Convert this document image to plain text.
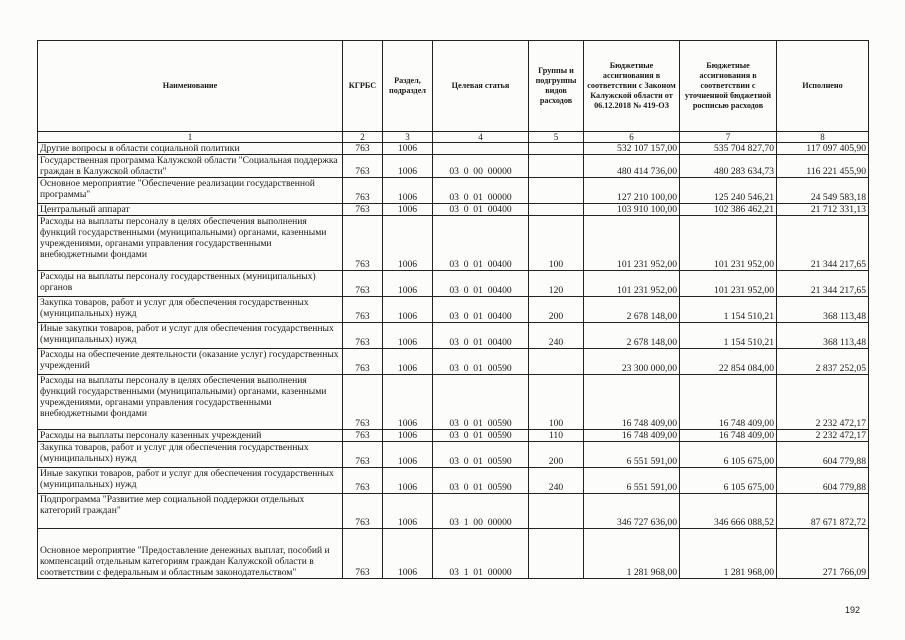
Наименование	КГРБС	Раздел, подраздел	Целевая статья	Группы и подгруппы видов расходов	Бюджетные ассигнования в соответствии с Законом Калужской области от 06.12.2018 № 419-ОЗ	Бюджетные ассигнования в соответствии с уточненной бюджетной росписью расходов	Исполнено
1	2	3	4	5	6	7	8
Другие вопросы в области социальной политики	763	1006			532 107 157,00	535 704 827,70	117 097 405,90
Государственная программа Калужской области "Социальная поддержка граждан в Калужской области"	763	1006	03  0  00  00000		480 414 736,00	480 283 634,73	116 221 455,90
Основное мероприятие "Обеспечение реализации государственной программы"	763	1006	03  0  01  00000		127 210 100,00	125 240 546,21	24 549 583,18
Центральный аппарат	763	1006	03  0  01  00400		103 910 100,00	102 386 462,21	21 712 331,13
Расходы на выплаты персоналу в целях обеспечения выполнения функций государственными (муниципальными) органами, казенными учреждениями, органами управления государственными внебюджетными фондами	763	1006	03  0  01  00400	100	101 231 952,00	101 231 952,00	21 344 217,65
Расходы на выплаты персоналу государственных (муниципальных) органов	763	1006	03  0  01  00400	120	101 231 952,00	101 231 952,00	21 344 217,65
Закупка товаров, работ и услуг для обеспечения государственных (муниципальных) нужд	763	1006	03  0  01  00400	200	2 678 148,00	1 154 510,21	368 113,48
Иные закупки товаров, работ и услуг для обеспечения государственных (муниципальных) нужд	763	1006	03  0  01  00400	240	2 678 148,00	1 154 510,21	368 113,48
Расходы на обеспечение деятельности (оказание услуг) государственных учреждений	763	1006	03  0  01  00590		23 300 000,00	22 854 084,00	2 837 252,05
Расходы на выплаты персоналу в целях обеспечения выполнения функций государственными (муниципальными) органами, казенными учреждениями, органами управления государственными внебюджетными фондами	763	1006	03  0  01  00590	100	16 748 409,00	16 748 409,00	2 232 472,17
Расходы на выплаты персоналу казенных учреждений	763	1006	03  0  01  00590	110	16 748 409,00	16 748 409,00	2 232 472,17
Закупка товаров, работ и услуг для обеспечения государственных (муниципальных) нужд	763	1006	03  0  01  00590	200	6 551 591,00	6 105 675,00	604 779,88
Иные закупки товаров, работ и услуг для обеспечения государственных (муниципальных) нужд	763	1006	03  0  01  00590	240	6 551 591,00	6 105 675,00	604 779,88
Подпрограмма "Развитие мер социальной поддержки отдельных категорий граждан"	763	1006	03  1  00  00000		346 727 636,00	346 666 088,52	87 671 872,72
Основное мероприятие "Предоставление денежных выплат, пособий и компенсаций отдельным категориям граждан Калужской области в соответствии с федеральным и областным законодательством"	763	1006	03  1  01  00000		1 281 968,00	1 281 968,00	271 766,09
192
